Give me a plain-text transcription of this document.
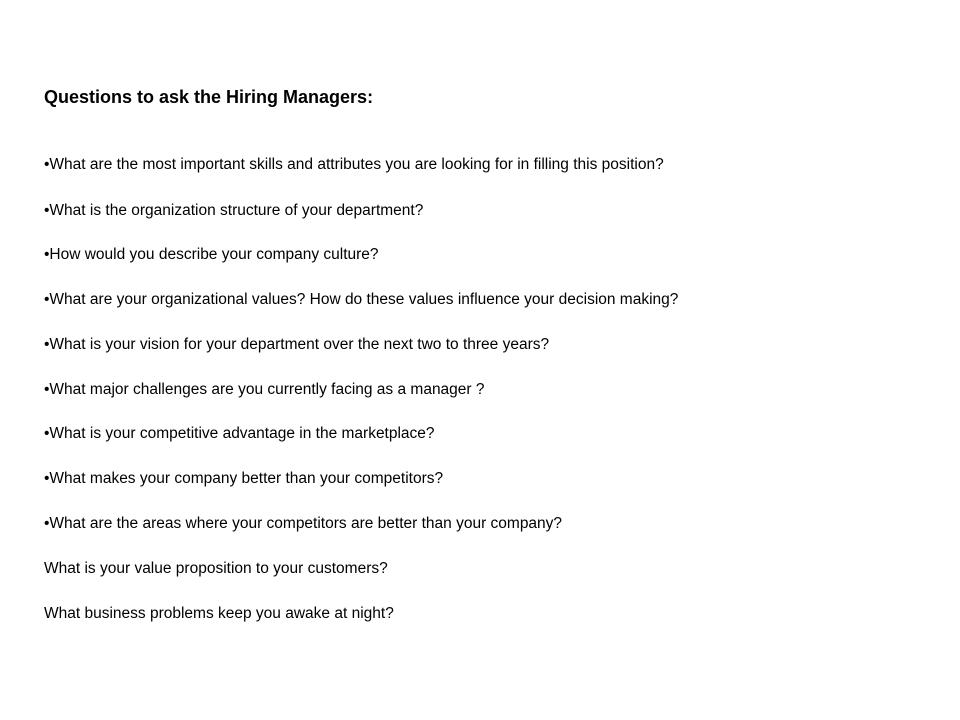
Questions to ask the Hiring Managers:

•What are the most important skills and attributes you are looking for in filling this position?

•What is the organization structure of your department?

•How would you describe your company culture?

•What are your organizational values? How do these values influence your decision making?

•What is your vision for your department over the next two to three years?

•What major challenges are you currently facing as a manager ?

•What is your competitive advantage in the marketplace?

•What makes your company better than your competitors?

•What are the areas where your competitors are better than your company?

What is your value proposition to your customers?

What business problems keep you awake at night?
